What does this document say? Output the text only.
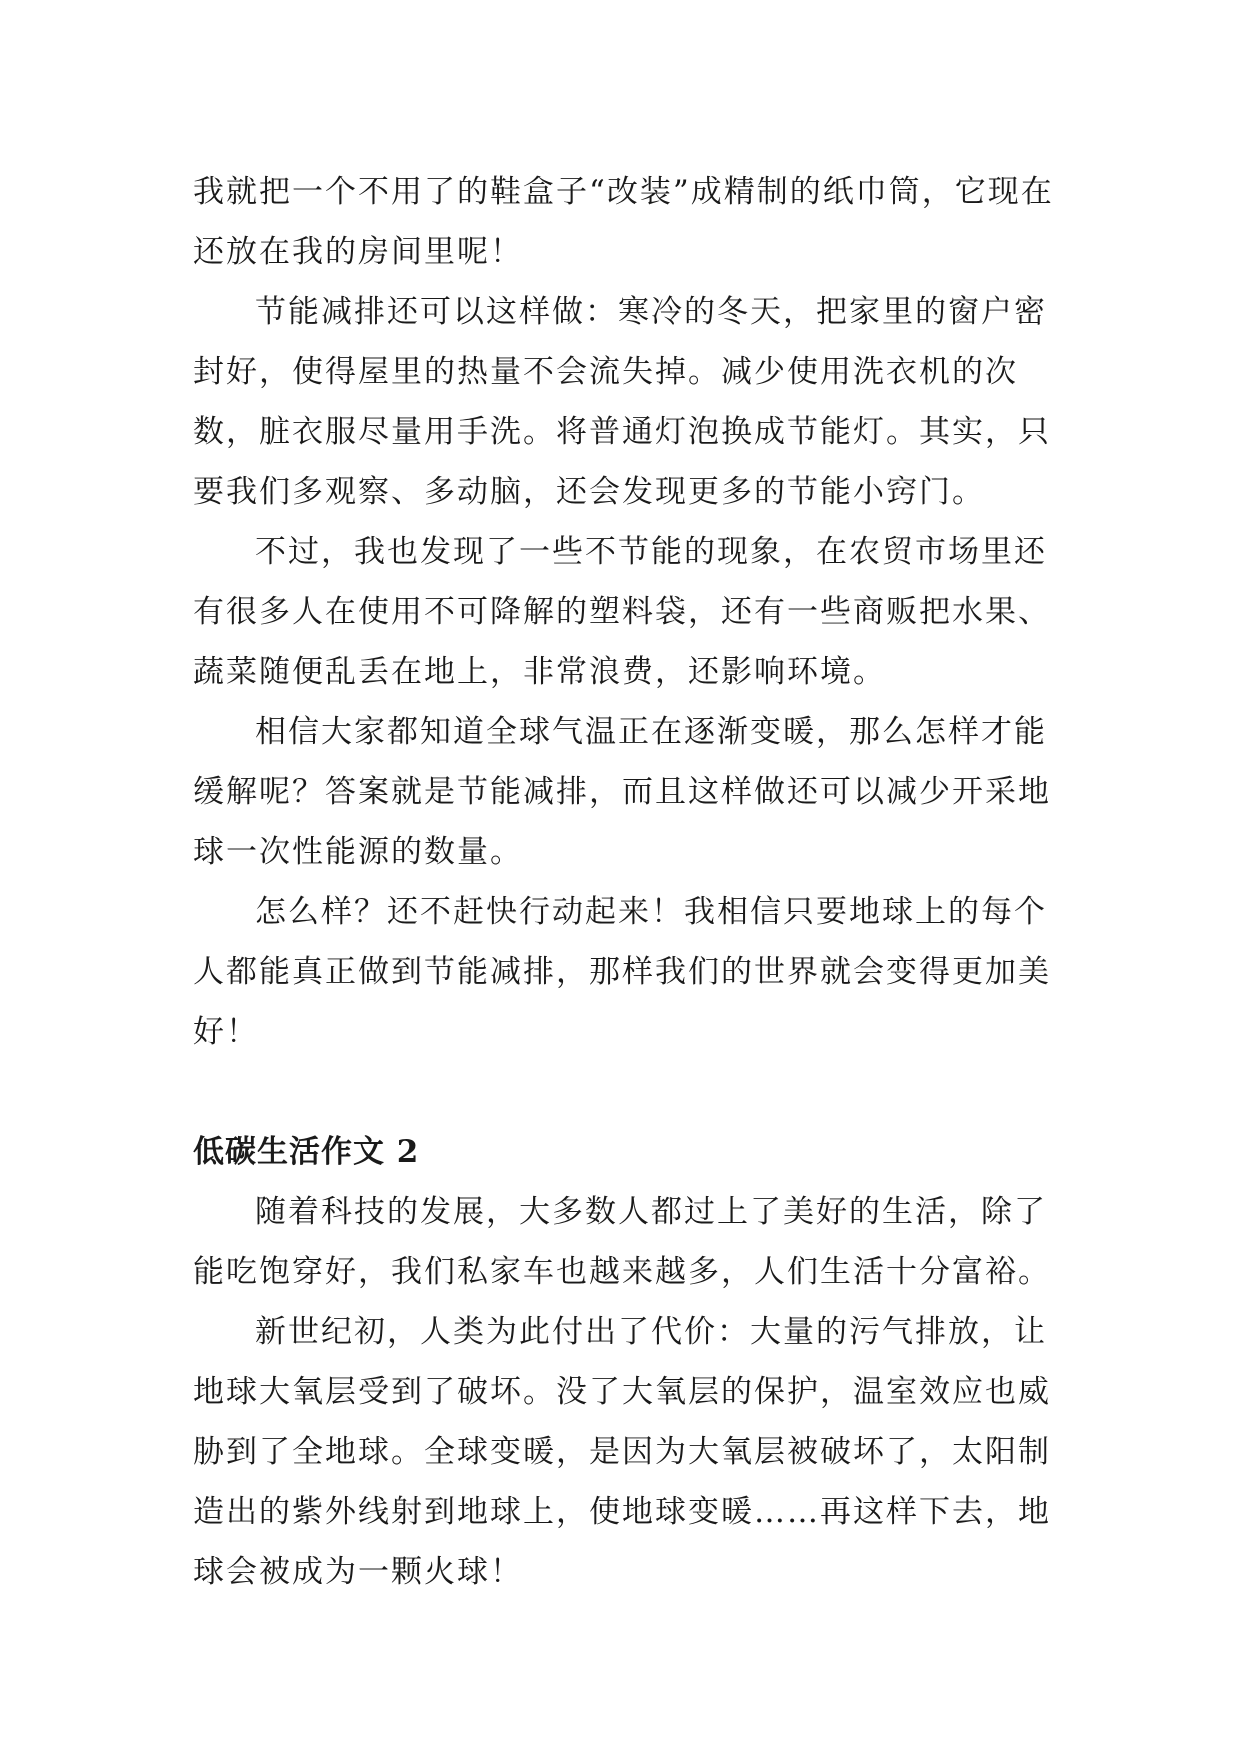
我就把一个不用了的鞋盒子“改装”成精制的纸巾筒，它现在还放在我的房间里呢！

节能减排还可以这样做：寒冷的冬天，把家里的窗户密封好，使得屋里的热量不会流失掉。减少使用洗衣机的次数，脏衣服尽量用手洗。将普通灯泡换成节能灯。其实，只要我们多观察、多动脑，还会发现更多的节能小窍门。

不过，我也发现了一些不节能的现象，在农贸市场里还有很多人在使用不可降解的塑料袋，还有一些商贩把水果、蔬菜随便乱丢在地上，非常浪费，还影响环境。

相信大家都知道全球气温正在逐渐变暖，那么怎样才能缓解呢？答案就是节能减排，而且这样做还可以减少开采地球一次性能源的数量。

怎么样？还不赶快行动起来！我相信只要地球上的每个人都能真正做到节能减排，那样我们的世界就会变得更加美好！

低碳生活作文 2

随着科技的发展，大多数人都过上了美好的生活，除了能吃饱穿好，我们私家车也越来越多，人们生活十分富裕。

新世纪初，人类为此付出了代价：大量的污气排放，让地球大氧层受到了破坏。没了大氧层的保护，温室效应也威胁到了全地球。全球变暖，是因为大氧层被破坏了，太阳制造出的紫外线射到地球上，使地球变暖……再这样下去，地球会被成为一颗火球！
